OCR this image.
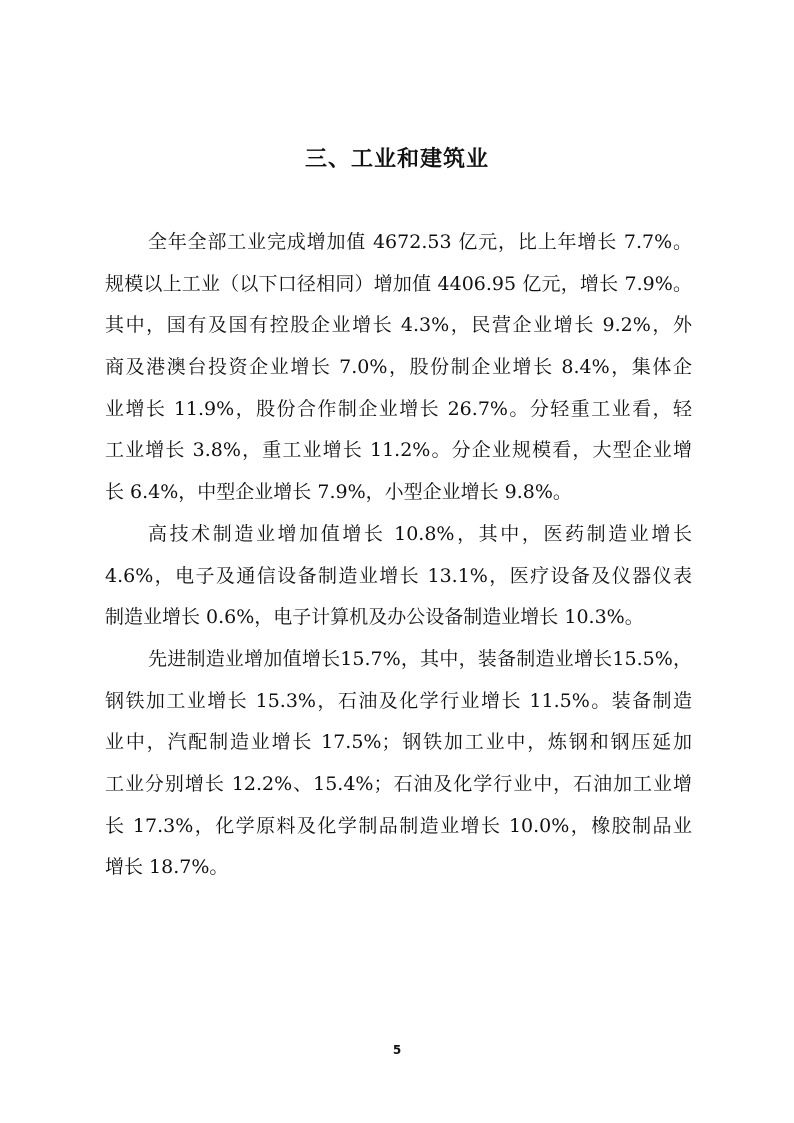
三、工业和建筑业
全年全部工业完成增加值 4672.53 亿元，比上年增长 7.7%。
规模以上工业（以下口径相同）增加值 4406.95 亿元，增长 7.9%。
其中，国有及国有控股企业增长 4.3%，民营企业增长 9.2%，外
商及港澳台投资企业增长 7.0%，股份制企业增长 8.4%，集体企
业增长 11.9%，股份合作制企业增长 26.7%。分轻重工业看，轻
工业增长 3.8%，重工业增长 11.2%。分企业规模看，大型企业增
长 6.4%，中型企业增长 7.9%，小型企业增长 9.8%。
高技术制造业增加值增长 10.8%，其中，医药制造业增长
4.6%，电子及通信设备制造业增长 13.1%，医疗设备及仪器仪表
制造业增长 0.6%，电子计算机及办公设备制造业增长 10.3%。
先进制造业增加值增长15.7%，其中，装备制造业增长15.5%，
钢铁加工业增长 15.3%，石油及化学行业增长 11.5%。装备制造
业中，汽配制造业增长 17.5%；钢铁加工业中，炼钢和钢压延加
工业分别增长 12.2%、15.4%；石油及化学行业中，石油加工业增
长 17.3%，化学原料及化学制品制造业增长 10.0%，橡胶制品业
增长 18.7%。
5
